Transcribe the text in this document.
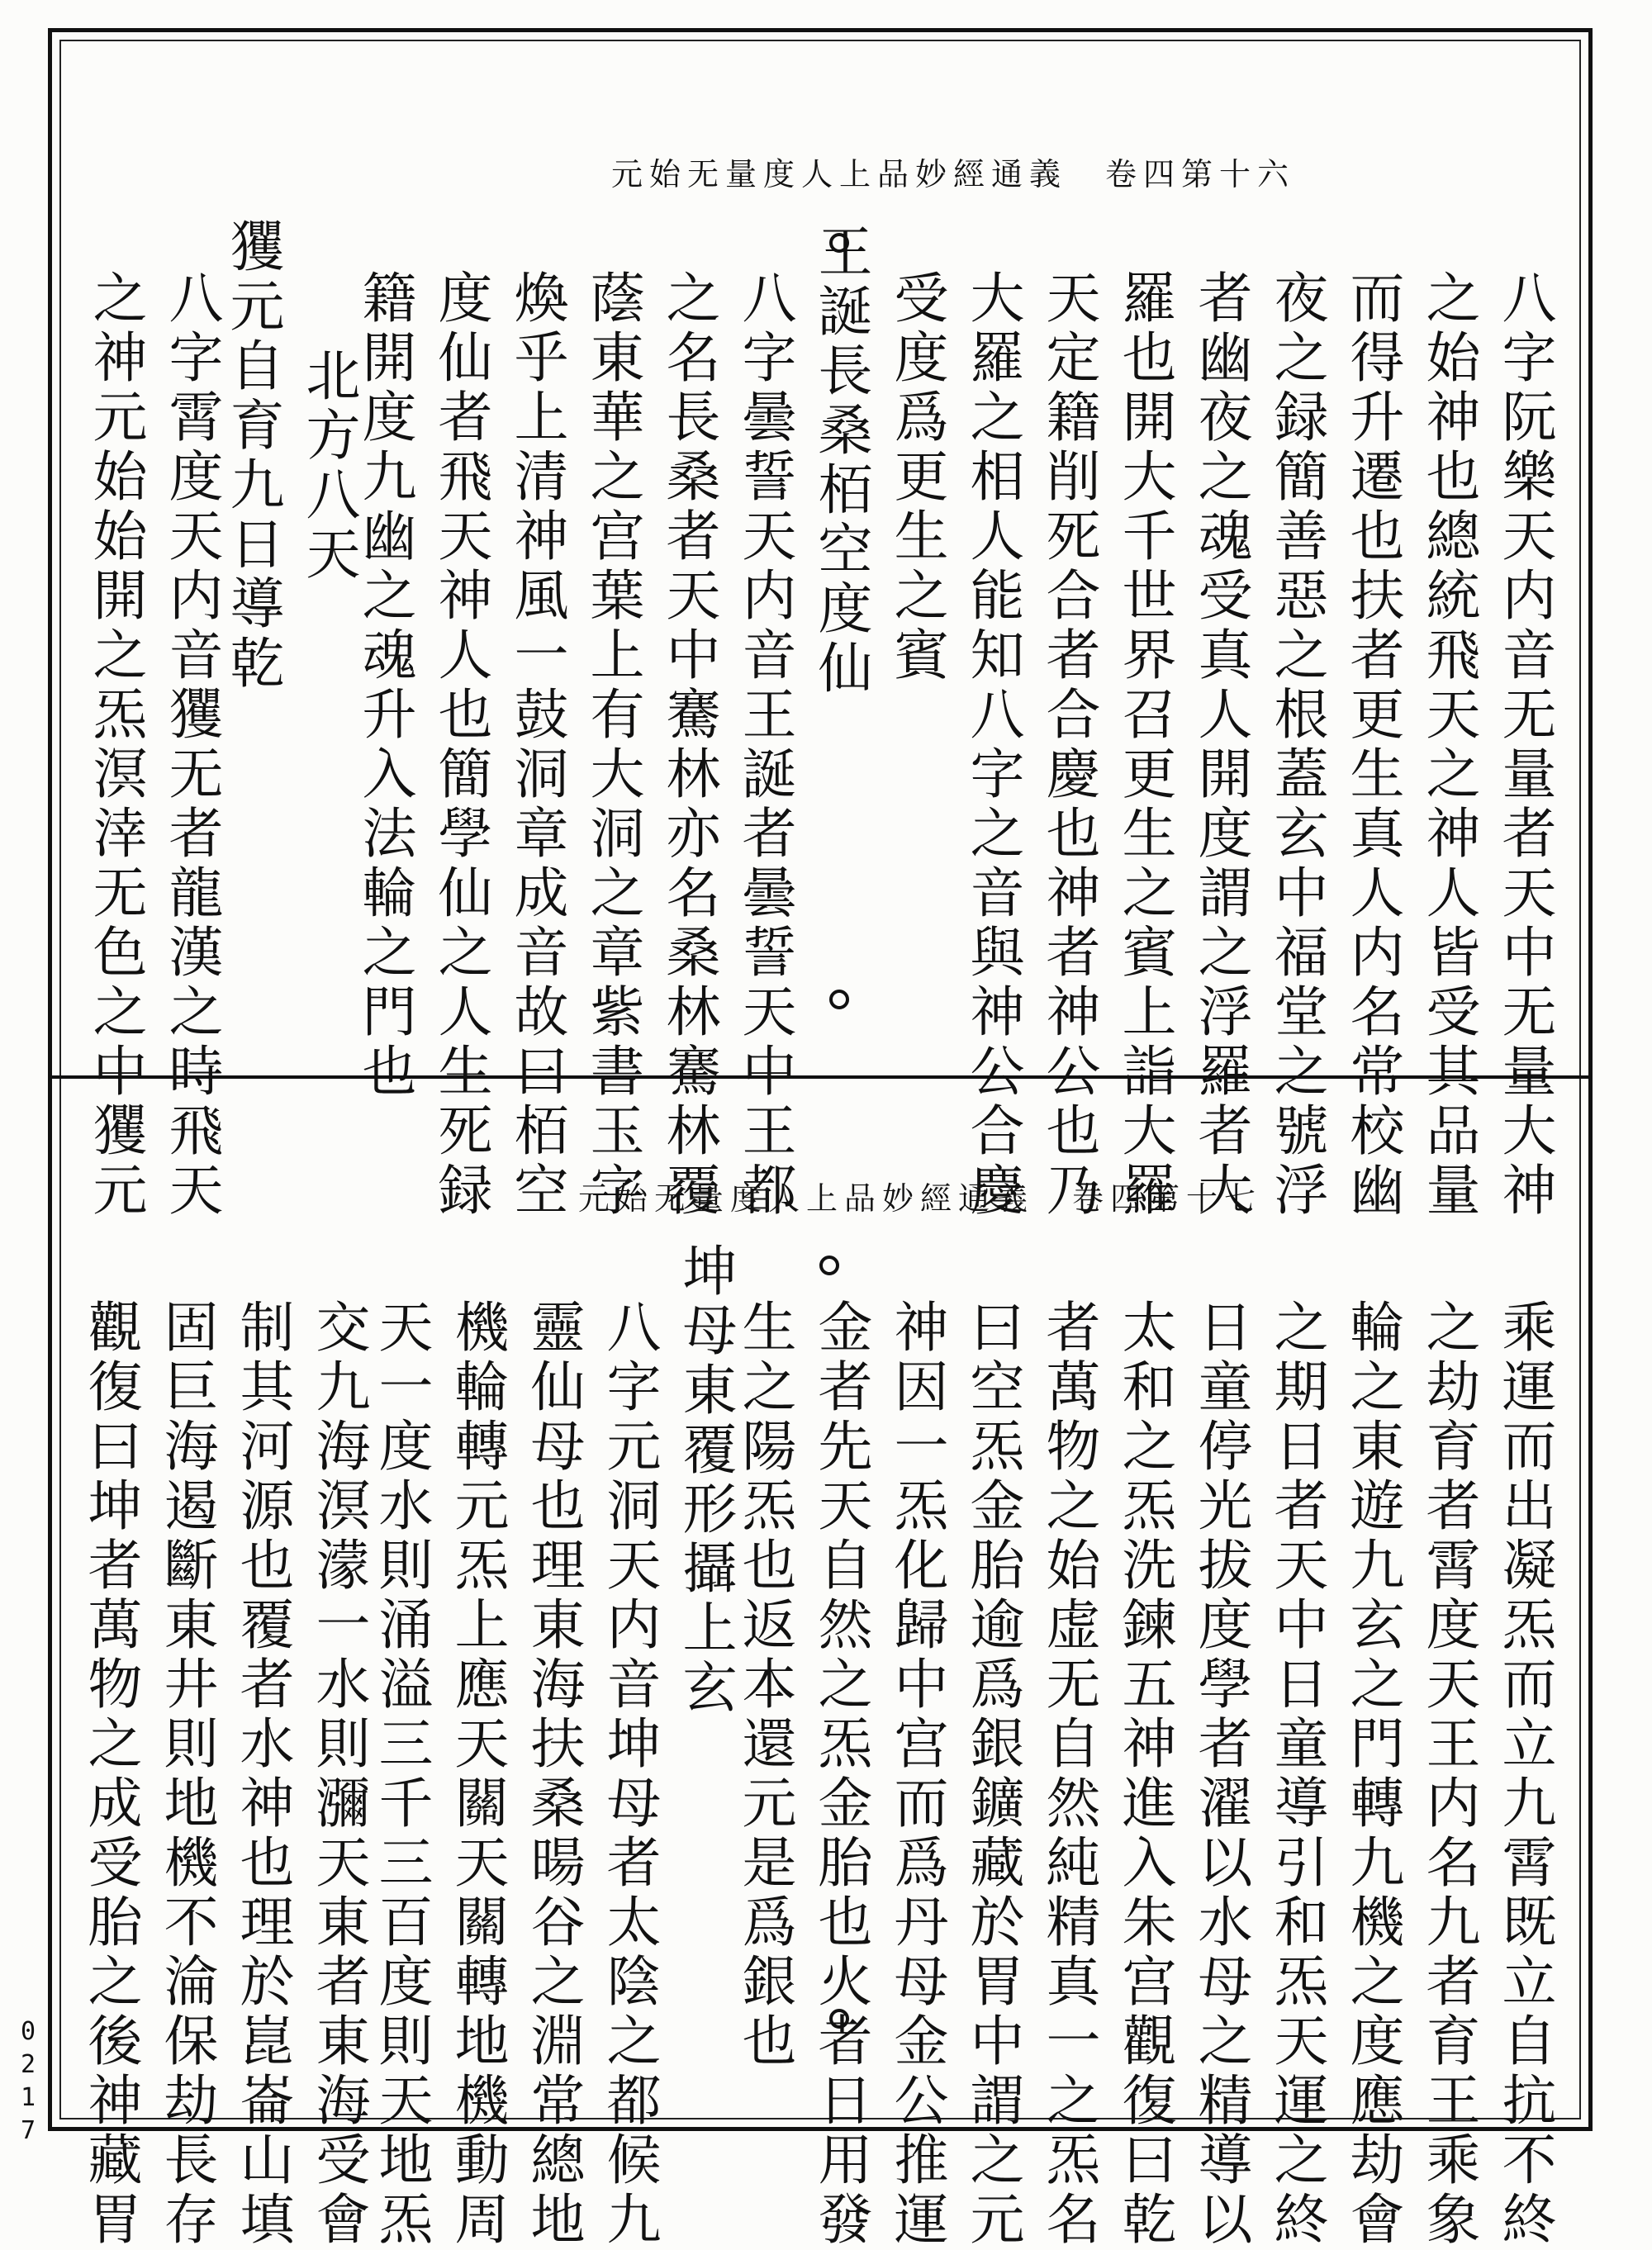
0217
元始无量度人上品妙經通義　卷四第十六
八字阮樂天内音无量者天中无量大神
之始神也總統飛天之神人皆受其品量
而得升遷也扶者更生真人内名常校幽
夜之録簡善惡之根蓋玄中福堂之號浮
者幽夜之魂受真人開度謂之浮羅者大
羅也開大千世界召更生之賓上詣大羅
天定籍削死合者合慶也神者神公也乃
大羅之相人能知八字之音與神公合慶
受度爲更生之賓
王誕長桑栢空度仙
八字曇誓天内音王誕者曇誓天中王都
之名長桑者天中騫林亦名桑林騫林覆
蔭東華之宫葉上有大洞之章紫書玉字
煥乎上清神風一鼓洞章成音故曰栢空
度仙者飛天神人也簡學仙之人生死録
籍開度九幽之魂升入法輪之門也
北方八天
玃元自育九日導乾
八字霄度天内音玃无者龍漢之時飛天
之神元始始開之炁溟涬无色之中玃元	元始无量度人上品妙經通義　卷四第十七
乘運而出凝炁而立九霄既立自抗不終
之劫育者霄度天王内名九者育王乘象
輪之東遊九玄之門轉九機之度應劫會
之期日者天中日童導引和炁天運之終
日童停光拔度學者濯以水母之精導以
太和之炁洗鍊五神進入朱宫觀復曰乾
者萬物之始虚无自然純精真一之炁名
曰空炁金胎逾爲銀鑛藏於胃中謂之元
神因一炁化歸中宫而爲丹母金公推運
金者先天自然之炁金胎也火者日用發
生之陽炁也返本還元是爲銀也
坤母東覆形攝上玄
八字元洞天内音坤母者太陰之都候九
靈仙母也理東海扶桑暘谷之淵常總地
機輪轉元炁上應天關天關轉地機動周
天一度水則涌溢三千三百度則天地炁
交九海溟濛一水則瀰天東者東海受會
制其河源也覆者水神也理於崑崙山填
固巨海遏斷東井則地機不淪保劫長存
觀復曰坤者萬物之成受胎之後神藏胃
